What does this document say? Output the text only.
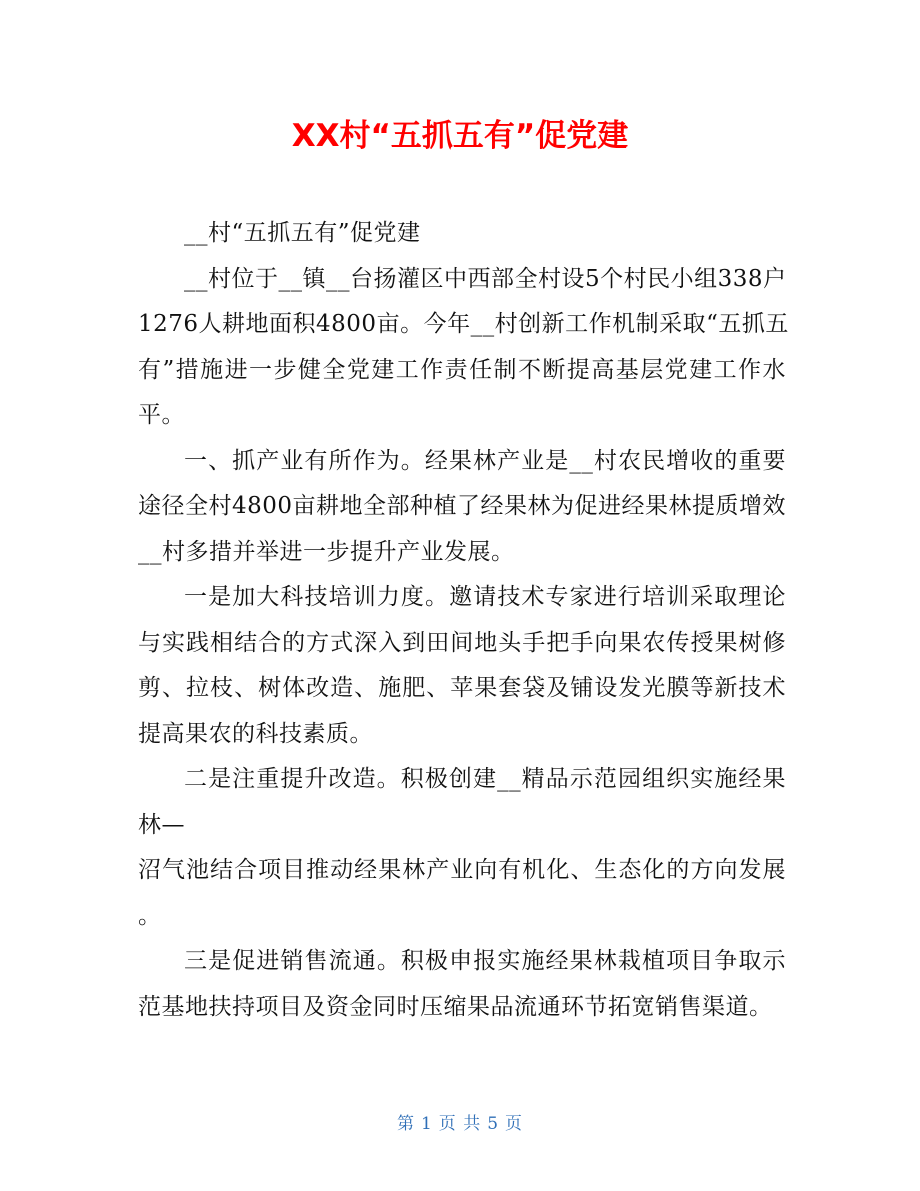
XX村“五抓五有”促党建

__村“五抓五有”促党建

__村位于__镇__台扬灌区中西部全村设5个村民小组338户
1276人耕地面积4800亩。今年__村创新工作机制采取“五抓五
有”措施进一步健全党建工作责任制不断提高基层党建工作水
平。

一、抓产业有所作为。经果林产业是__村农民增收的重要
途径全村4800亩耕地全部种植了经果林为促进经果林提质增效
__村多措并举进一步提升产业发展。

一是加大科技培训力度。邀请技术专家进行培训采取理论
与实践相结合的方式深入到田间地头手把手向果农传授果树修
剪、拉枝、树体改造、施肥、苹果套袋及铺设发光膜等新技术
提高果农的科技素质。

二是注重提升改造。积极创建__精品示范园组织实施经果
林—
沼气池结合项目推动经果林产业向有机化、生态化的方向发展
。

三是促进销售流通。积极申报实施经果林栽植项目争取示
范基地扶持项目及资金同时压缩果品流通环节拓宽销售渠道。

第 1 页 共 5 页
